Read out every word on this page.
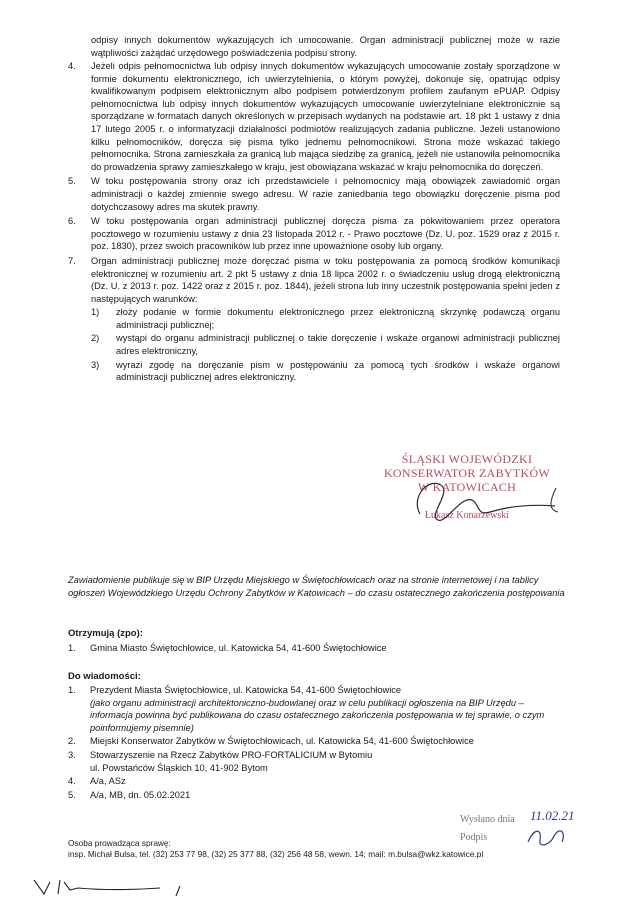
odpisy innych dokumentów wykazujących ich umocowanie. Organ administracji publicznej może w razie wątpliwości zażądać urzędowego poświadczenia podpisu strony.
4. Jeżeli odpis pełnomocnictwa lub odpisy innych dokumentów wykazujących umocowanie zostały sporządzone w formie dokumentu elektronicznego, ich uwierzytelnienia, o którym powyżej, dokonuje się, opatrując odpisy kwalifikowanym podpisem elektronicznym albo podpisem potwierdzonym profilem zaufanym ePUAP. Odpisy pełnomocnictwa lub odpisy innych dokumentów wykazujących umocowanie uwierzytelniane elektronicznie są sporządzane w formatach danych określonych w przepisach wydanych na podstawie art. 18 pkt 1 ustawy z dnia 17 lutego 2005 r. o informatyzacji działalności podmiotów realizujących zadania publiczne. Jeżeli ustanowiono kilku pełnomocników, doręcza się pisma tylko jednemu pełnomocnikowi. Strona może wskazać takiego pełnomocnika. Strona zamieszkała za granicą lub mająca siedzibę za granicą, jeżeli nie ustanowiła pełnomocnika do prowadzenia sprawy zamieszkałego w kraju, jest obowiązana wskazać w kraju pełnomocnika do doręczeń.
5. W toku postępowania strony oraz ich przedstawiciele i pełnomocnicy mają obowiązek zawiadomić organ administracji o każdej zmiennie swego adresu. W razie zaniedbania tego obowiązku doręczenie pisma pod dotychczasowy adres ma skutek prawny.
6. W toku postępowania organ administracji publicznej doręcza pisma za pokwitowaniem przez operatora pocztowego w rozumieniu ustawy z dnia 23 listopada 2012 r. - Prawo pocztowe (Dz. U. poz. 1529 oraz z 2015 r. poz. 1830), przez swoich pracowników lub przez inne upoważnione osoby lub organy.
7. Organ administracji publicznej może doręczać pisma w toku postępowania za pomocą środków komunikacji elektronicznej w rozumieniu art. 2 pkt 5 ustawy z dnia 18 lipca 2002 r. o świadczeniu usług drogą elektroniczną (Dz. U. z 2013 r. poz. 1422 oraz z 2015 r. poz. 1844), jeżeli strona lub inny uczestnik postępowania spełni jeden z następujących warunków:
1) złoży podanie w formie dokumentu elektronicznego przez elektroniczną skrzynkę podawczą organu administracji publicznej;
2) wystąpi do organu administracji publicznej o takie doręczenie i wskaże organowi administracji publicznej adres elektroniczny,
3) wyrazi zgodę na doręczanie pism w postępowaniu za pomocą tych środków i wskaże organowi administracji publicznej adres elektroniczny.
ŚLĄSKI WOJEWÓDZKI
KONSERWATOR ZABYTKÓW
W KATOWICACH
Łukasz Konarzewski
Zawiadomienie publikuje się w BIP Urzędu Miejskiego w Świętochłowicach oraz na stronie internetowej i na tablicy ogłoszeń Wojewódzkiego Urzędu Ochrony Zabytków w Katowicach – do czasu ostatecznego zakończenia postępowania
Otrzymują (zpo):
1. Gmina Miasto Świętochłowice, ul. Katowicka 54, 41-600 Świętochłowice
Do wiadomości:
1. Prezydent Miasta Świętochłowice, ul. Katowicka 54, 41-600 Świętochłowice
(jako organu administracji architektoniczno-budowlanej oraz w celu publikacji ogłoszenia na BIP Urzędu – informacja powinna być publikowana do czasu ostatecznego zakończenia postępowania w tej sprawie, o czym poinformujemy pisemnie)
2. Miejski Konserwator Zabytków w Świętochłowicach, ul. Katowicka 54, 41-600 Świętochłowice
3. Stowarzyszenie na Rzecz Zabytków PRO-FORTALICIUM w Bytomiu
ul. Powstańców Śląskich 10, 41-902 Bytom
4. A/a, ASz
5. A/a, MB, dn. 05.02.2021
Wysłano dnia
Podpis
11.02.21
Osoba prowadząca sprawę:
insp. Michał Bulsa, tel. (32) 253 77 98, (32) 25 377 88, (32) 256 48 58, wewn. 14; mail: m.bulsa@wkz.katowice.pl
